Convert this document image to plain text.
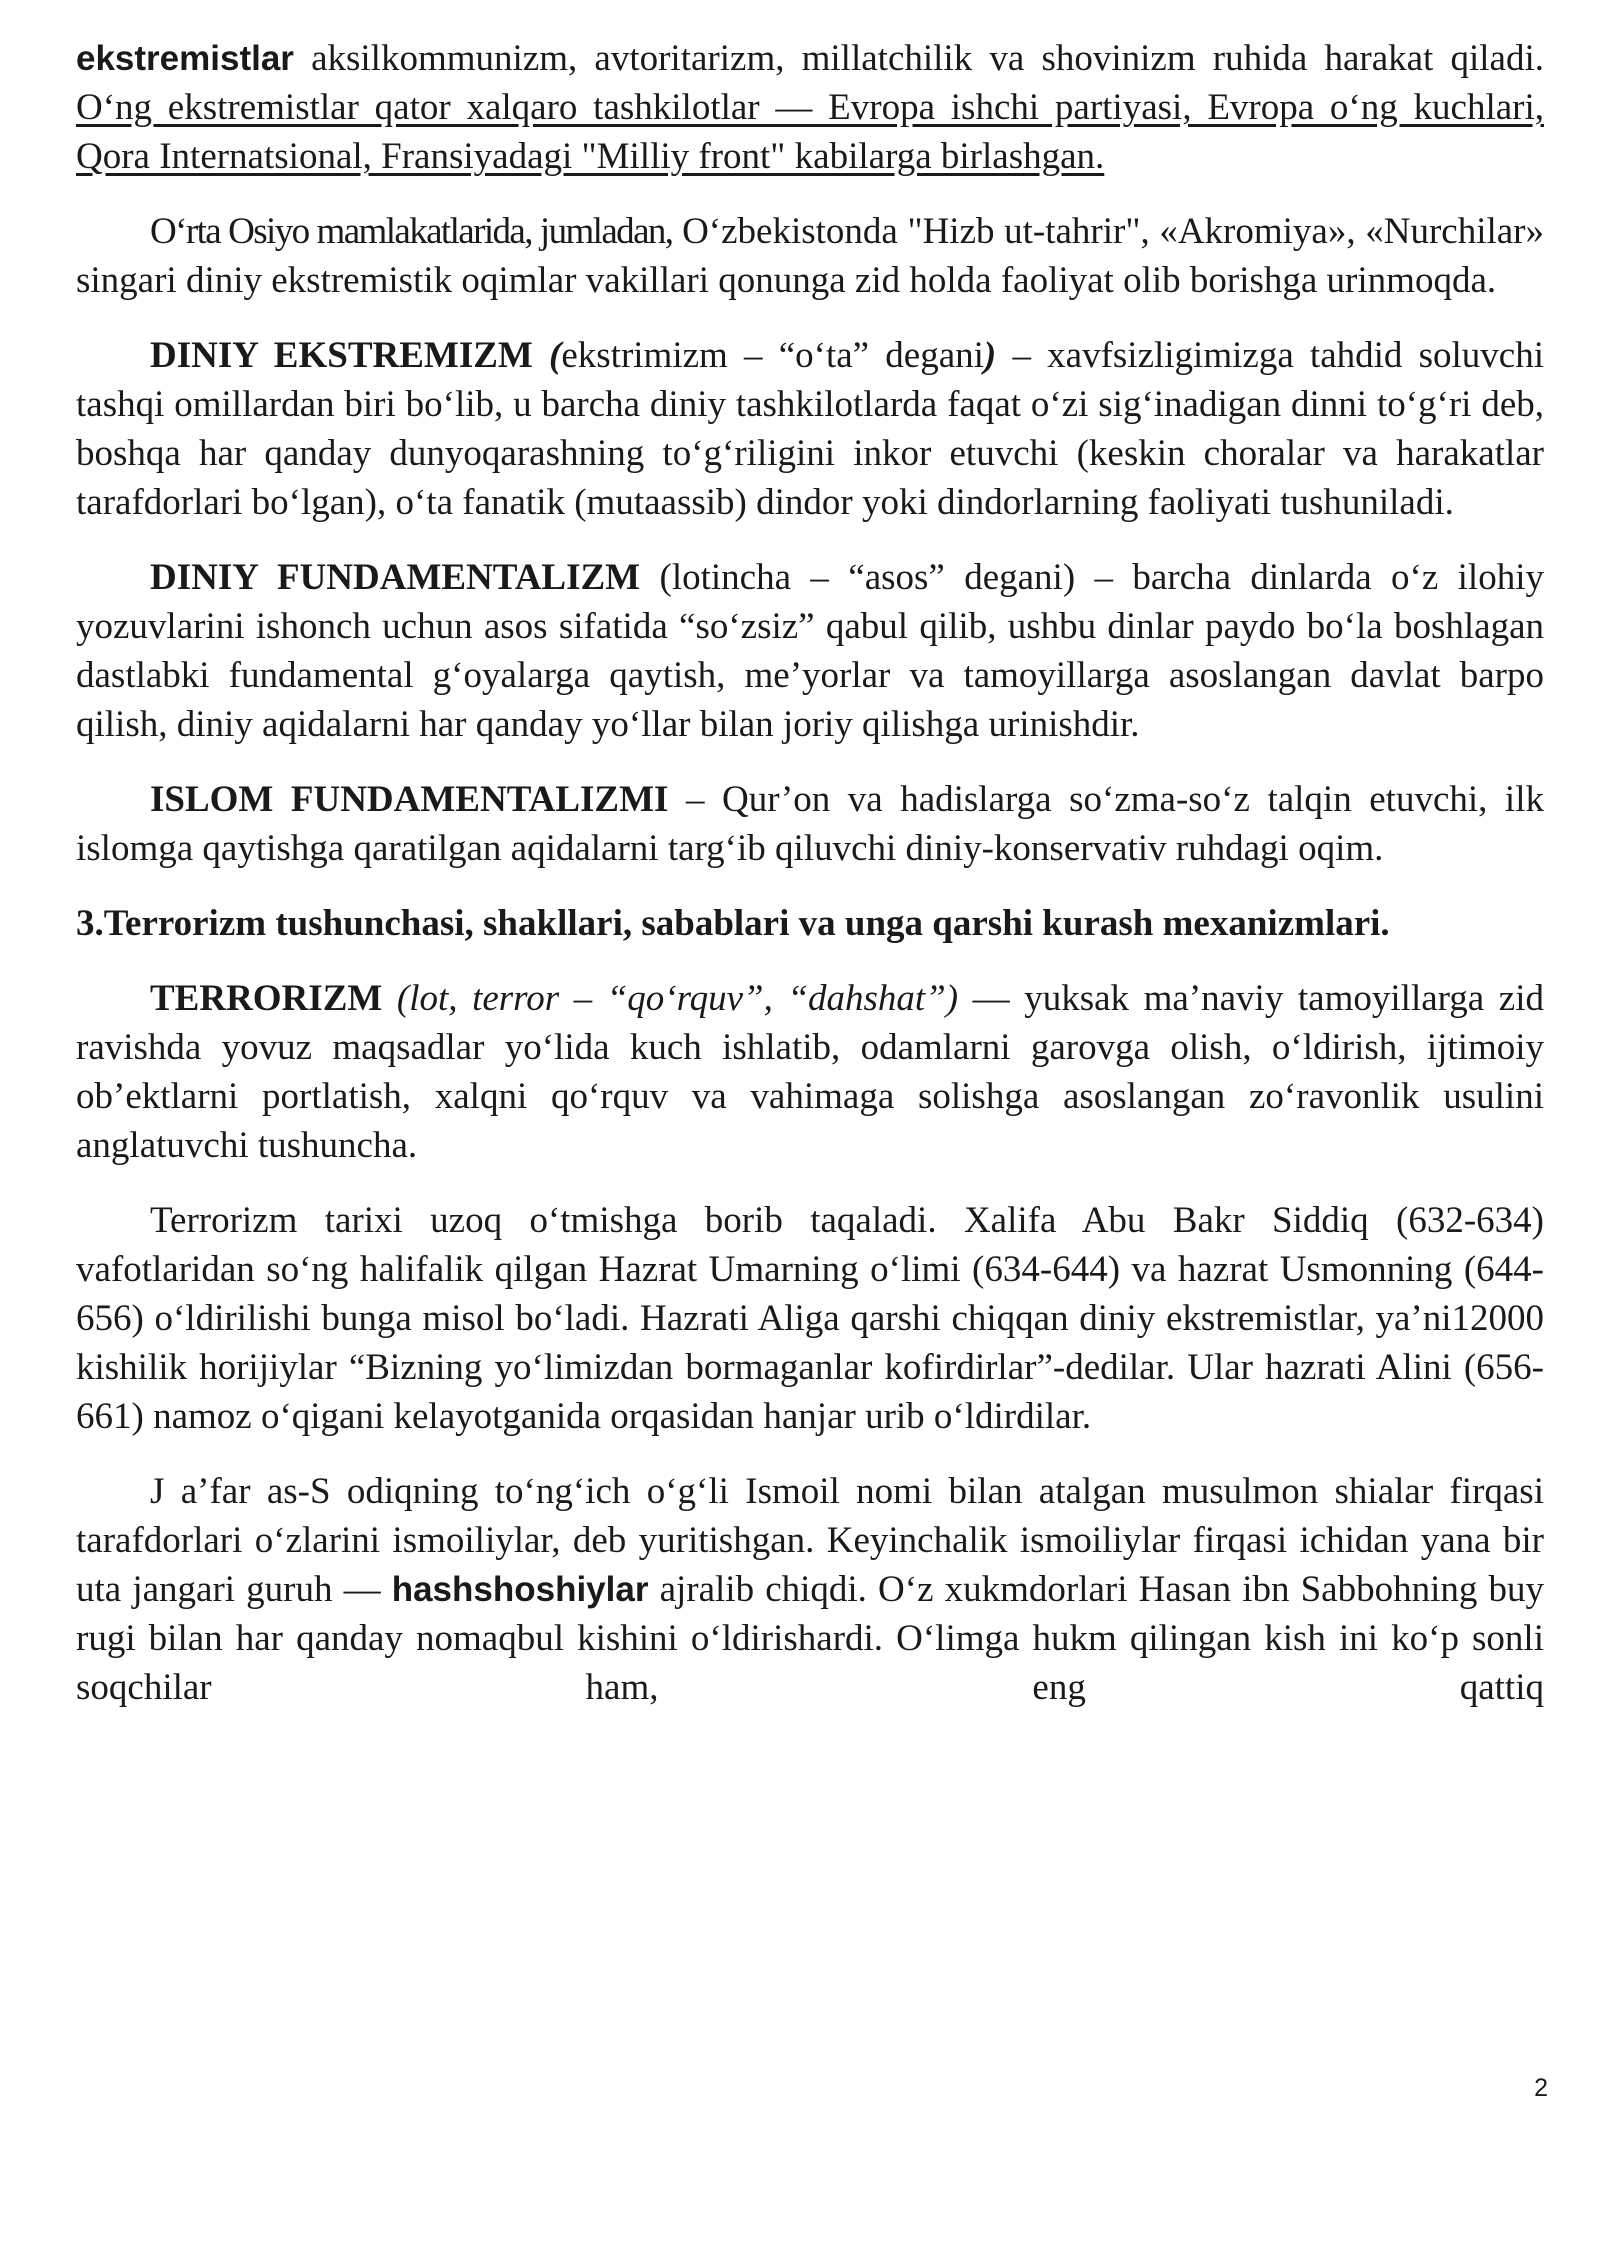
ekstremistlar aksilkommunizm, avtoritarizm, millatchilik va shovinizm ruhida harakat qiladi. O‘ng ekstremistlar qator xalqaro tashkilotlar — Evropa ishchi partiyasi, Evropa o‘ng kuchlari, Qora Internatsional, Fransiyadagi "Milliy front" kabilarga birlashgan.

O‘rta Osiyo mamlakatlarida, jumladan, O‘zbekistonda "Hizb ut-tahrir", «Akromiya», «Nurchilar» singari diniy ekstremistik oqimlar vakillari qonunga zid holda faoliyat olib borishga urinmoqda.

DINIY EKSTREMIZM (ekstrimizm – “o‘ta” degani) – xavfsizligimizga tahdid soluvchi tashqi omillardan biri bo‘lib, u barcha diniy tashkilotlarda faqat o‘zi sig‘inadigan dinni to‘g‘ri deb, boshqa har qanday dunyoqarashning to‘g‘riligini inkor etuvchi (keskin choralar va harakatlar tarafdorlari bo‘lgan), o‘ta fanatik (mutaassib) dindor yoki dindorlarning faoliyati tushuniladi.

DINIY FUNDAMENTALIZM (lotincha – “asos” degani) – barcha dinlarda o‘z ilohiy yozuvlarini ishonch uchun asos sifatida “so‘zsiz” qabul qilib, ushbu dinlar paydo bo‘la boshlagan dastlabki fundamental g‘oyalarga qaytish, me’yorlar va tamoyillarga asoslangan davlat barpo qilish, diniy aqidalarni har qanday yo‘llar bilan joriy qilishga urinishdir.

ISLOM FUNDAMENTALIZMI – Qur’on va hadislarga so‘zma-so‘z talqin etuvchi, ilk islomga qaytishga qaratilgan aqidalarni targ‘ib qiluvchi diniy-konservativ ruhdagi oqim.

3.Terrorizm tushunchasi, shakllari, sabablari va unga qarshi kurash mexanizmlari.

TERRORIZM (lot, terror – “qo‘rquv”, “dahshat”) — yuksak ma’naviy tamoyillarga zid ravishda yovuz maqsadlar yo‘lida kuch ishlatib, odamlarni garovga olish, o‘ldirish, ijtimoiy ob’ektlarni portlatish, xalqni qo‘rquv va vahimaga solishga asoslangan zo‘ravonlik usulini anglatuvchi tushuncha.

Terrorizm tarixi uzoq o‘tmishga borib taqaladi. Xalifa Abu Bakr Siddiq (632-634) vafotlaridan so‘ng halifalik qilgan Hazrat Umarning o‘limi (634-644) va hazrat Usmonning (644-656) o‘ldirilishi bunga misol bo‘ladi. Hazrati Aliga qarshi chiqqan diniy ekstremistlar, ya’ni12000 kishilik horijiylar “Bizning yo‘limizdan bormaganlar kofirdirlar”-dedilar. Ular hazrati Alini (656-661) namoz o‘qigani kelayotganida orqasidan hanjar urib o‘ldirdilar.

J a’far as-S odiqning to‘ng‘ich o‘g‘li Ismoil nomi bilan atalgan musulmon shialar firqasi tarafdorlari o‘zlarini ismoiliylar, deb yuritishgan. Keyinchalik ismoiliylar firqasi ichidan yana bir uta jangari guruh — hashshoshiylar ajralib chiqdi. O‘z xukmdorlari Hasan ibn Sabbohning buy rugi bilan har qanday nomaqbul kishini o‘ldirishardi. O‘limga hukm qilingan kish ini ko‘p sonli soqchilar ham, eng qattiq

2
